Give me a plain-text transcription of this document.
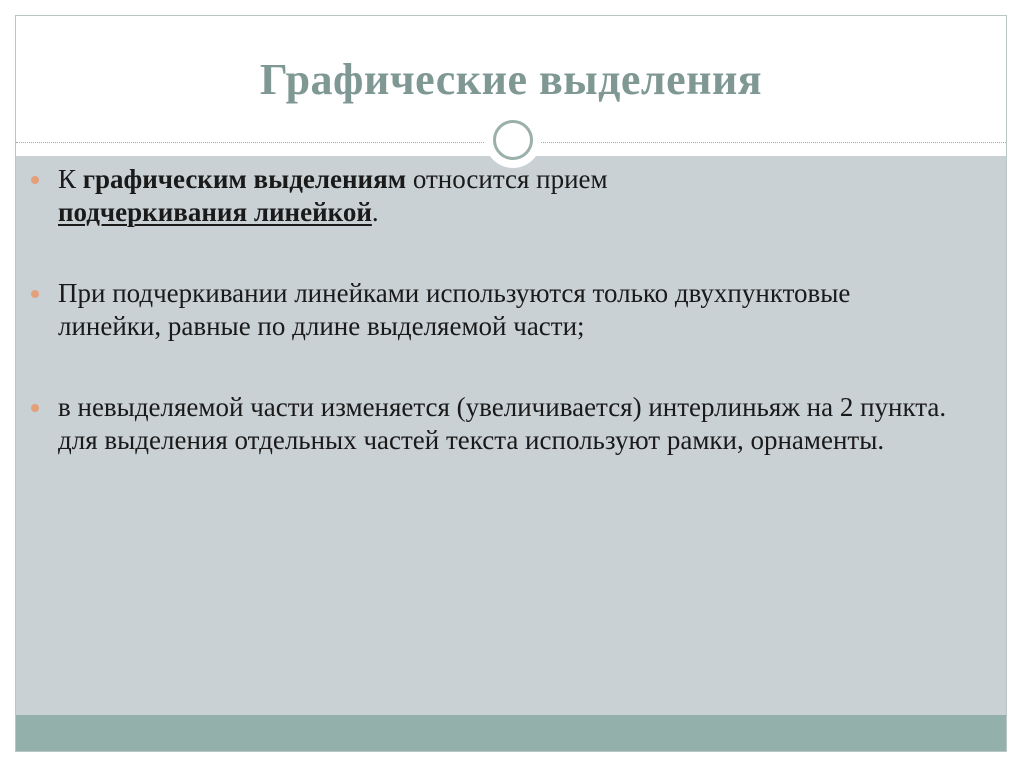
Графические выделения
К графическим выделениям относится прием
подчеркивания линейкой.
При подчеркивании линейками используются только двухпунктовые линейки, равные по длине выделяемой части;
в невыделяемой части изменяется (увеличивается) интерлиньяж на 2 пункта. для выделения отдельных частей текста используют рамки, орнаменты.
